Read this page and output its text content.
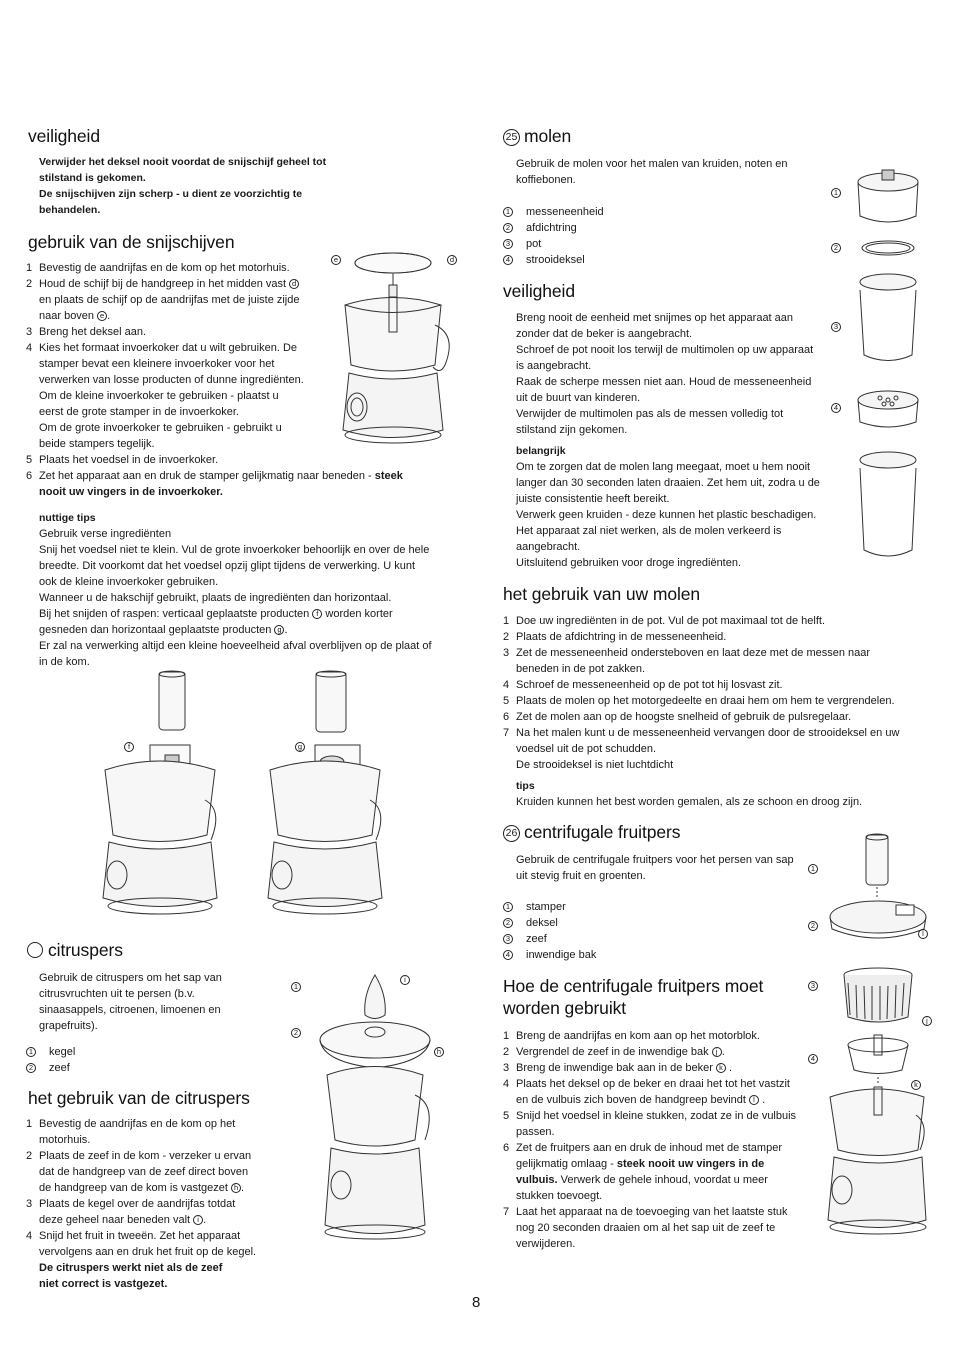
veiligheid
Verwijder het deksel nooit voordat de snijschijf geheel tot
stilstand is gekomen.
De snijschijven zijn scherp - u dient ze voorzichtig te
behandelen.
gebruik van de snijschijven
1 Bevestig de aandrijfas en de kom op het motorhuis.
2 Houd de schijf bij de handgreep in het midden vast d
en plaats de schijf op de aandrijfas met de juiste zijde
naar boven e .
3 Breng het deksel aan.
4 Kies het formaat invoerkoker dat u wilt gebruiken. De
stamper bevat een kleinere invoerkoker voor het
verwerken van losse producten of dunne ingrediënten.
Om de kleine invoerkoker te gebruiken - plaatst u
eerst de grote stamper in de invoerkoker.
Om de grote invoerkoker te gebruiken - gebruikt u
beide stampers tegelijk.
5 Plaats het voedsel in de invoerkoker.
6 Zet het apparaat aan en druk de stamper gelijkmatig naar beneden - steek
nooit uw vingers in de invoerkoker.
nuttige tips
Gebruik verse ingrediënten
Snij het voedsel niet te klein. Vul de grote invoerkoker behoorlijk en over de hele
breedte. Dit voorkomt dat het voedsel opzij glipt tijdens de verwerking. U kunt
ook de kleine invoerkoker gebruiken.
Wanneer u de hakschijf gebruikt, plaats de ingrediënten dan horizontaal.
Bij het snijden of raspen: verticaal geplaatste producten f worden korter
gesneden dan horizontaal geplaatste producten g .
Er zal na verwerking altijd een kleine hoeveelheid afval overblijven op de plaat of
in de kom.
e	d
f	g
citruspers
Gebruik de citruspers om het sap van
citrusvruchten uit te persen (b.v.
sinaasappels, citroenen, limoenen en
grapefruits).
1 kegel
2 zeef
het gebruik van de citruspers
1 Bevestig de aandrijfas en de kom op het
motorhuis.
2 Plaats de zeef in de kom - verzeker u ervan
dat de handgreep van de zeef direct boven
de handgreep van de kom is vastgezet h .
3 Plaats de kegel over de aandrijfas totdat
deze geheel naar beneden valt i .
4 Snijd het fruit in tweeën. Zet het apparaat
vervolgens aan en druk het fruit op de kegel.
De citruspers werkt niet als de zeef
niet correct is vastgezet.
1
i
2
h
25 molen
Gebruik de molen voor het malen van kruiden, noten en
koffiebonen.
1 messeneenheid
2 afdichtring
3 pot
4 strooideksel
veiligheid
Breng nooit de eenheid met snijmes op het apparaat aan
zonder dat de beker is aangebracht.
Schroef de pot nooit los terwijl de multimolen op uw apparaat
is aangebracht.
Raak de scherpe messen niet aan. Houd de messeneenheid
uit de buurt van kinderen.
Verwijder de multimolen pas als de messen volledig tot
stilstand zijn gekomen.
belangrijk
Om te zorgen dat de molen lang meegaat, moet u hem nooit
langer dan 30 seconden laten draaien. Zet hem uit, zodra u de
juiste consistentie heeft bereikt.
Verwerk geen kruiden - deze kunnen het plastic beschadigen.
Het apparaat zal niet werken, als de molen verkeerd is
aangebracht.
Uitsluitend gebruiken voor droge ingrediënten.
1
2
3
4
het gebruik van uw molen
1 Doe uw ingrediënten in de pot. Vul de pot maximaal tot de helft.
2 Plaats de afdichtring in de messeneenheid.
3 Zet de messeneenheid ondersteboven en laat deze met de messen naar
beneden in de pot zakken.
4 Schroef de messeneenheid op de pot tot hij losvast zit.
5 Plaats de molen op het motorgedeelte en draai hem om hem te vergrendelen.
6 Zet de molen aan op de hoogste snelheid of gebruik de pulsregelaar.
7 Na het malen kunt u de messeneenheid vervangen door de strooideksel en uw
voedsel uit de pot schudden.
De strooideksel is niet luchtdicht
tips
Kruiden kunnen het best worden gemalen, als ze schoon en droog zijn.
26 centrifugale fruitpers
Gebruik de centrifugale fruitpers voor het persen van sap
uit stevig fruit en groenten.
1 stamper
2 deksel
3 zeef
4 inwendige bak
Hoe de centrifugale fruitpers moet
worden gebruikt
1 Breng de aandrijfas en kom aan op het motorblok.
2 Vergrendel de zeef in de inwendige bak j .
3 Breng de inwendige bak aan in de beker k .
4 Plaats het deksel op de beker en draai het tot het vastzit
en de vulbuis zich boven de handgreep bevindt l .
5 Snijd het voedsel in kleine stukken, zodat ze in de vulbuis
passen.
6 Zet de fruitpers aan en druk de inhoud met de stamper
gelijkmatig omlaag - steek nooit uw vingers in de
vulbuis. Verwerk de gehele inhoud, voordat u meer
stukken toevoegt.
7 Laat het apparaat na de toevoeging van het laatste stuk
nog 20 seconden draaien om al het sap uit de zeef te
verwijderen.
1
2
l
3
j
4
k
8
